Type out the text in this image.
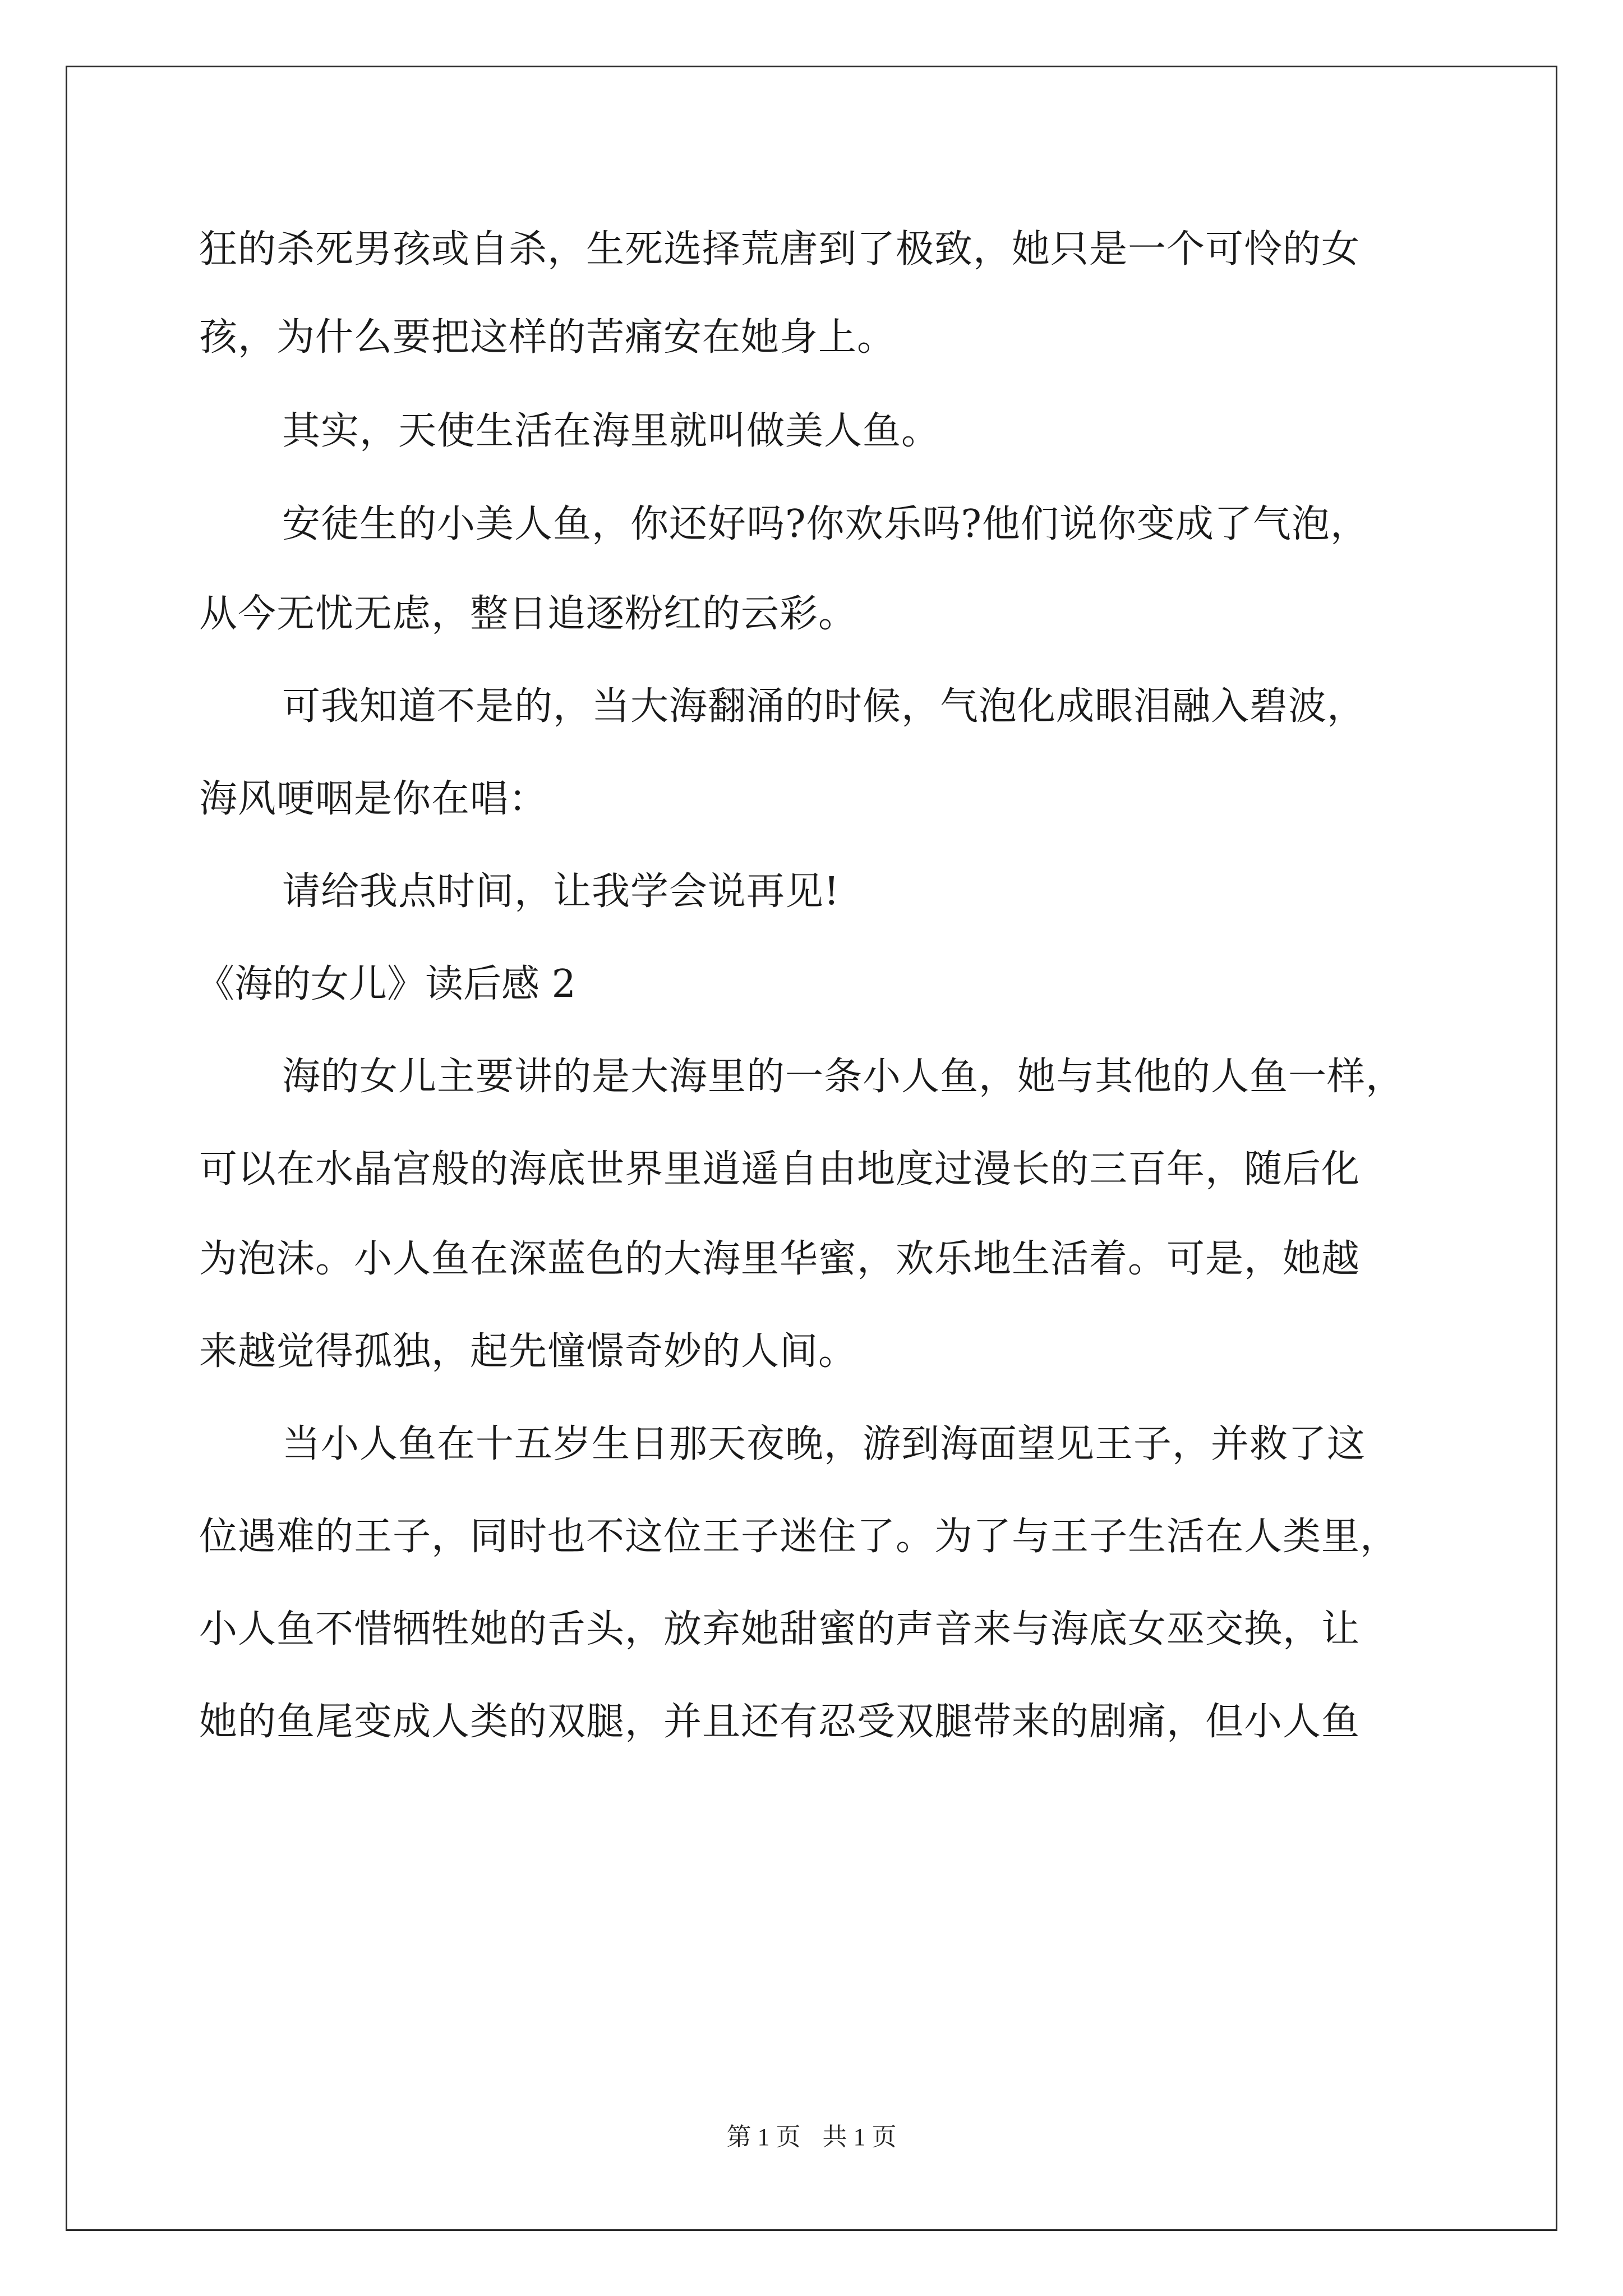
狂的杀死男孩或自杀，生死选择荒唐到了极致，她只是一个可怜的女
孩，为什么要把这样的苦痛安在她身上。
其实，天使生活在海里就叫做美人鱼。
安徒生的小美人鱼，你还好吗?你欢乐吗?他们说你变成了气泡，
从今无忧无虑，整日追逐粉红的云彩。
可我知道不是的，当大海翻涌的时候，气泡化成眼泪融入碧波，
海风哽咽是你在唱：
请给我点时间，让我学会说再见!
《海的女儿》读后感 2
海的女儿主要讲的是大海里的一条小人鱼，她与其他的人鱼一样，
可以在水晶宫般的海底世界里逍遥自由地度过漫长的三百年，随后化
为泡沫。小人鱼在深蓝色的大海里华蜜，欢乐地生活着。可是，她越
来越觉得孤独，起先憧憬奇妙的人间。
当小人鱼在十五岁生日那天夜晚，游到海面望见王子，并救了这
位遇难的王子，同时也不这位王子迷住了。为了与王子生活在人类里，
小人鱼不惜牺牲她的舌头，放弃她甜蜜的声音来与海底女巫交换，让
她的鱼尾变成人类的双腿，并且还有忍受双腿带来的剧痛，但小人鱼
第 1 页 共 1 页
